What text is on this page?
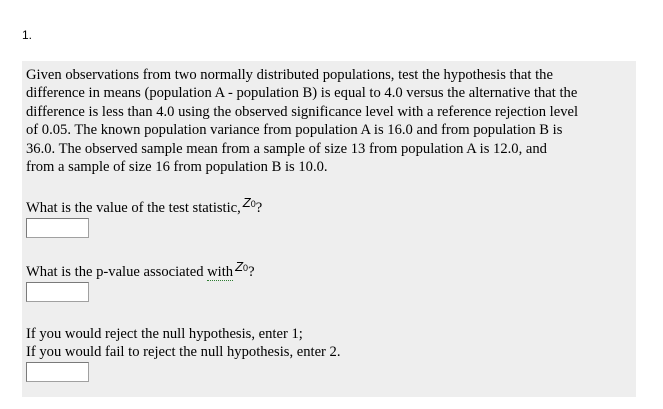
1.
Given observations from two normally distributed populations, test the hypothesis that the
difference in means (population A - population B) is equal to 4.0 versus the alternative that the
difference is less than 4.0 using the observed significance level with a reference rejection level
of 0.05. The known population variance from population A is 16.0 and from population B is
36.0. The observed sample mean from a sample of size 13 from population A is 12.0, and
from a sample of size 16 from population B is 10.0.
What is the value of the test statistic, Z0?
What is the p-value associated with Z0?
If you would reject the null hypothesis, enter 1;
If you would fail to reject the null hypothesis, enter 2.
